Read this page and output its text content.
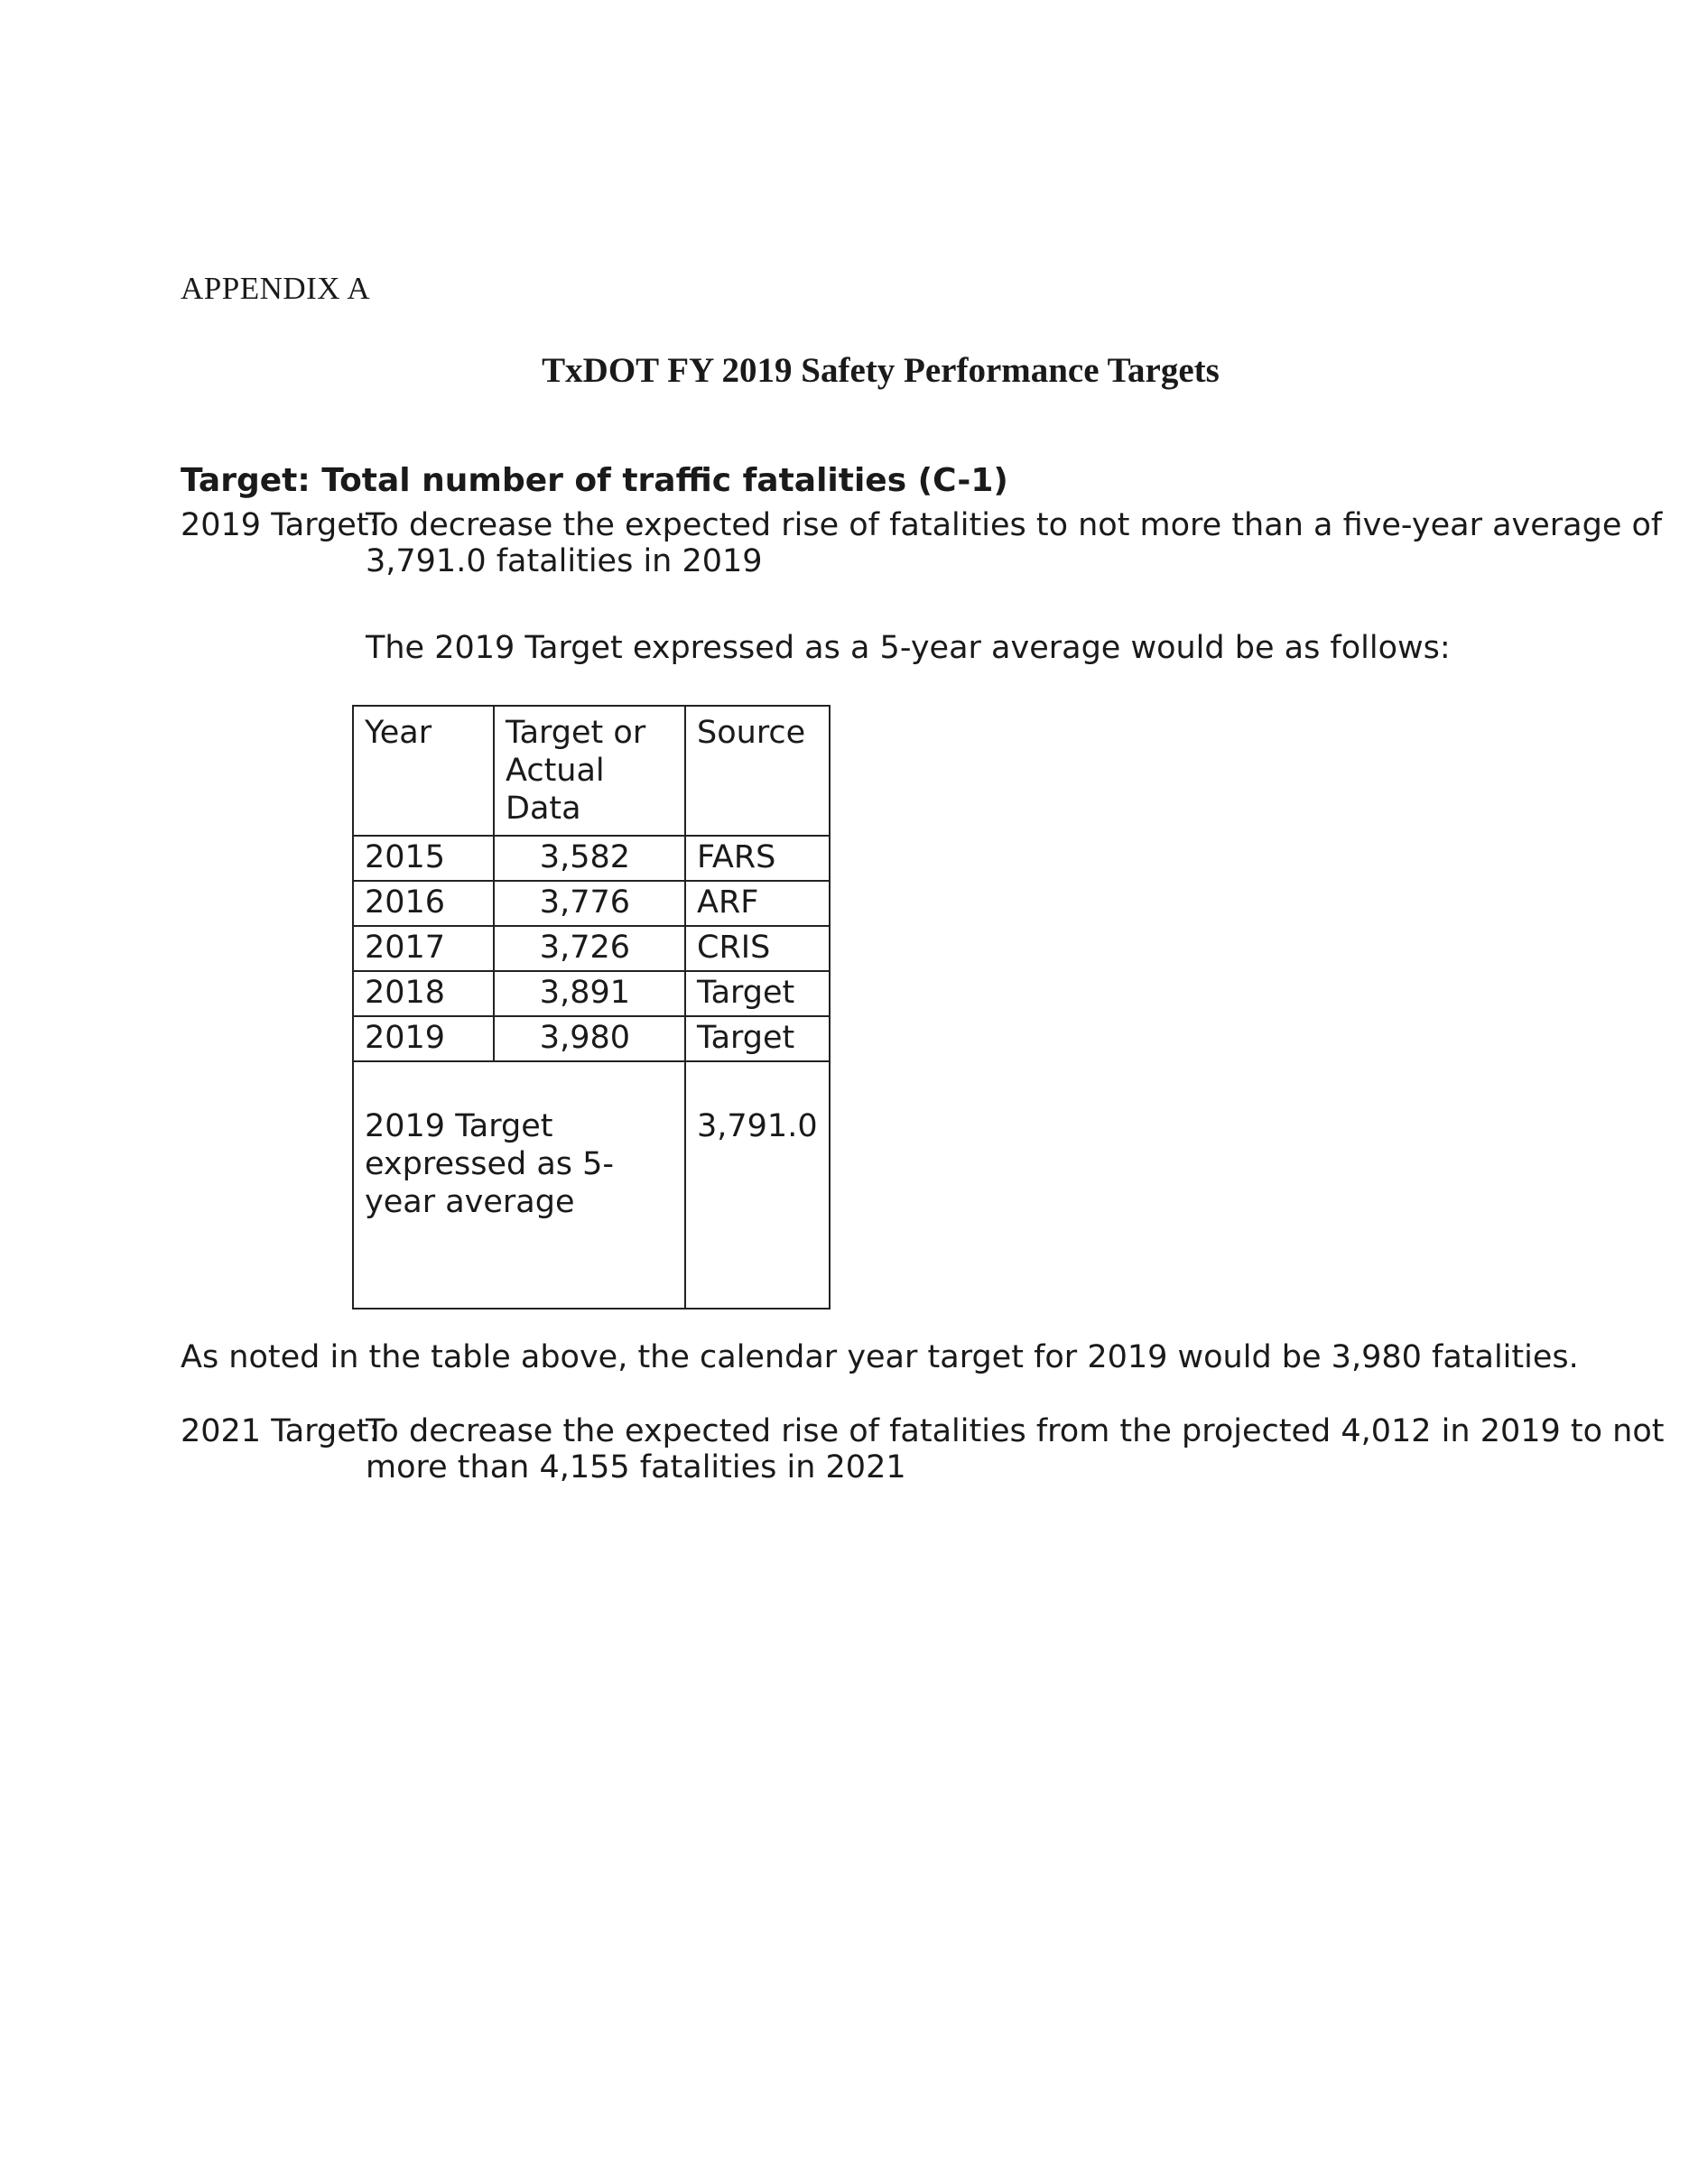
APPENDIX A
TxDOT FY 2019 Safety Performance Targets
Target: Total number of traffic fatalities (C-1)
2019 Target:
To decrease the expected rise of fatalities to not more than a five-year average of
3,791.0 fatalities in 2019
The 2019 Target expressed as a 5-year average would be as follows:
Year	Target or Actual Data	Source
2015	3,582	FARS
2016	3,776	ARF
2017	3,726	CRIS
2018	3,891	Target
2019	3,980	Target
2019 Target expressed as 5-year average		3,791.0
As noted in the table above, the calendar year target for 2019 would be 3,980 fatalities.
2021 Target:
To decrease the expected rise of fatalities from the projected 4,012 in 2019 to not
more than 4,155 fatalities in 2021
